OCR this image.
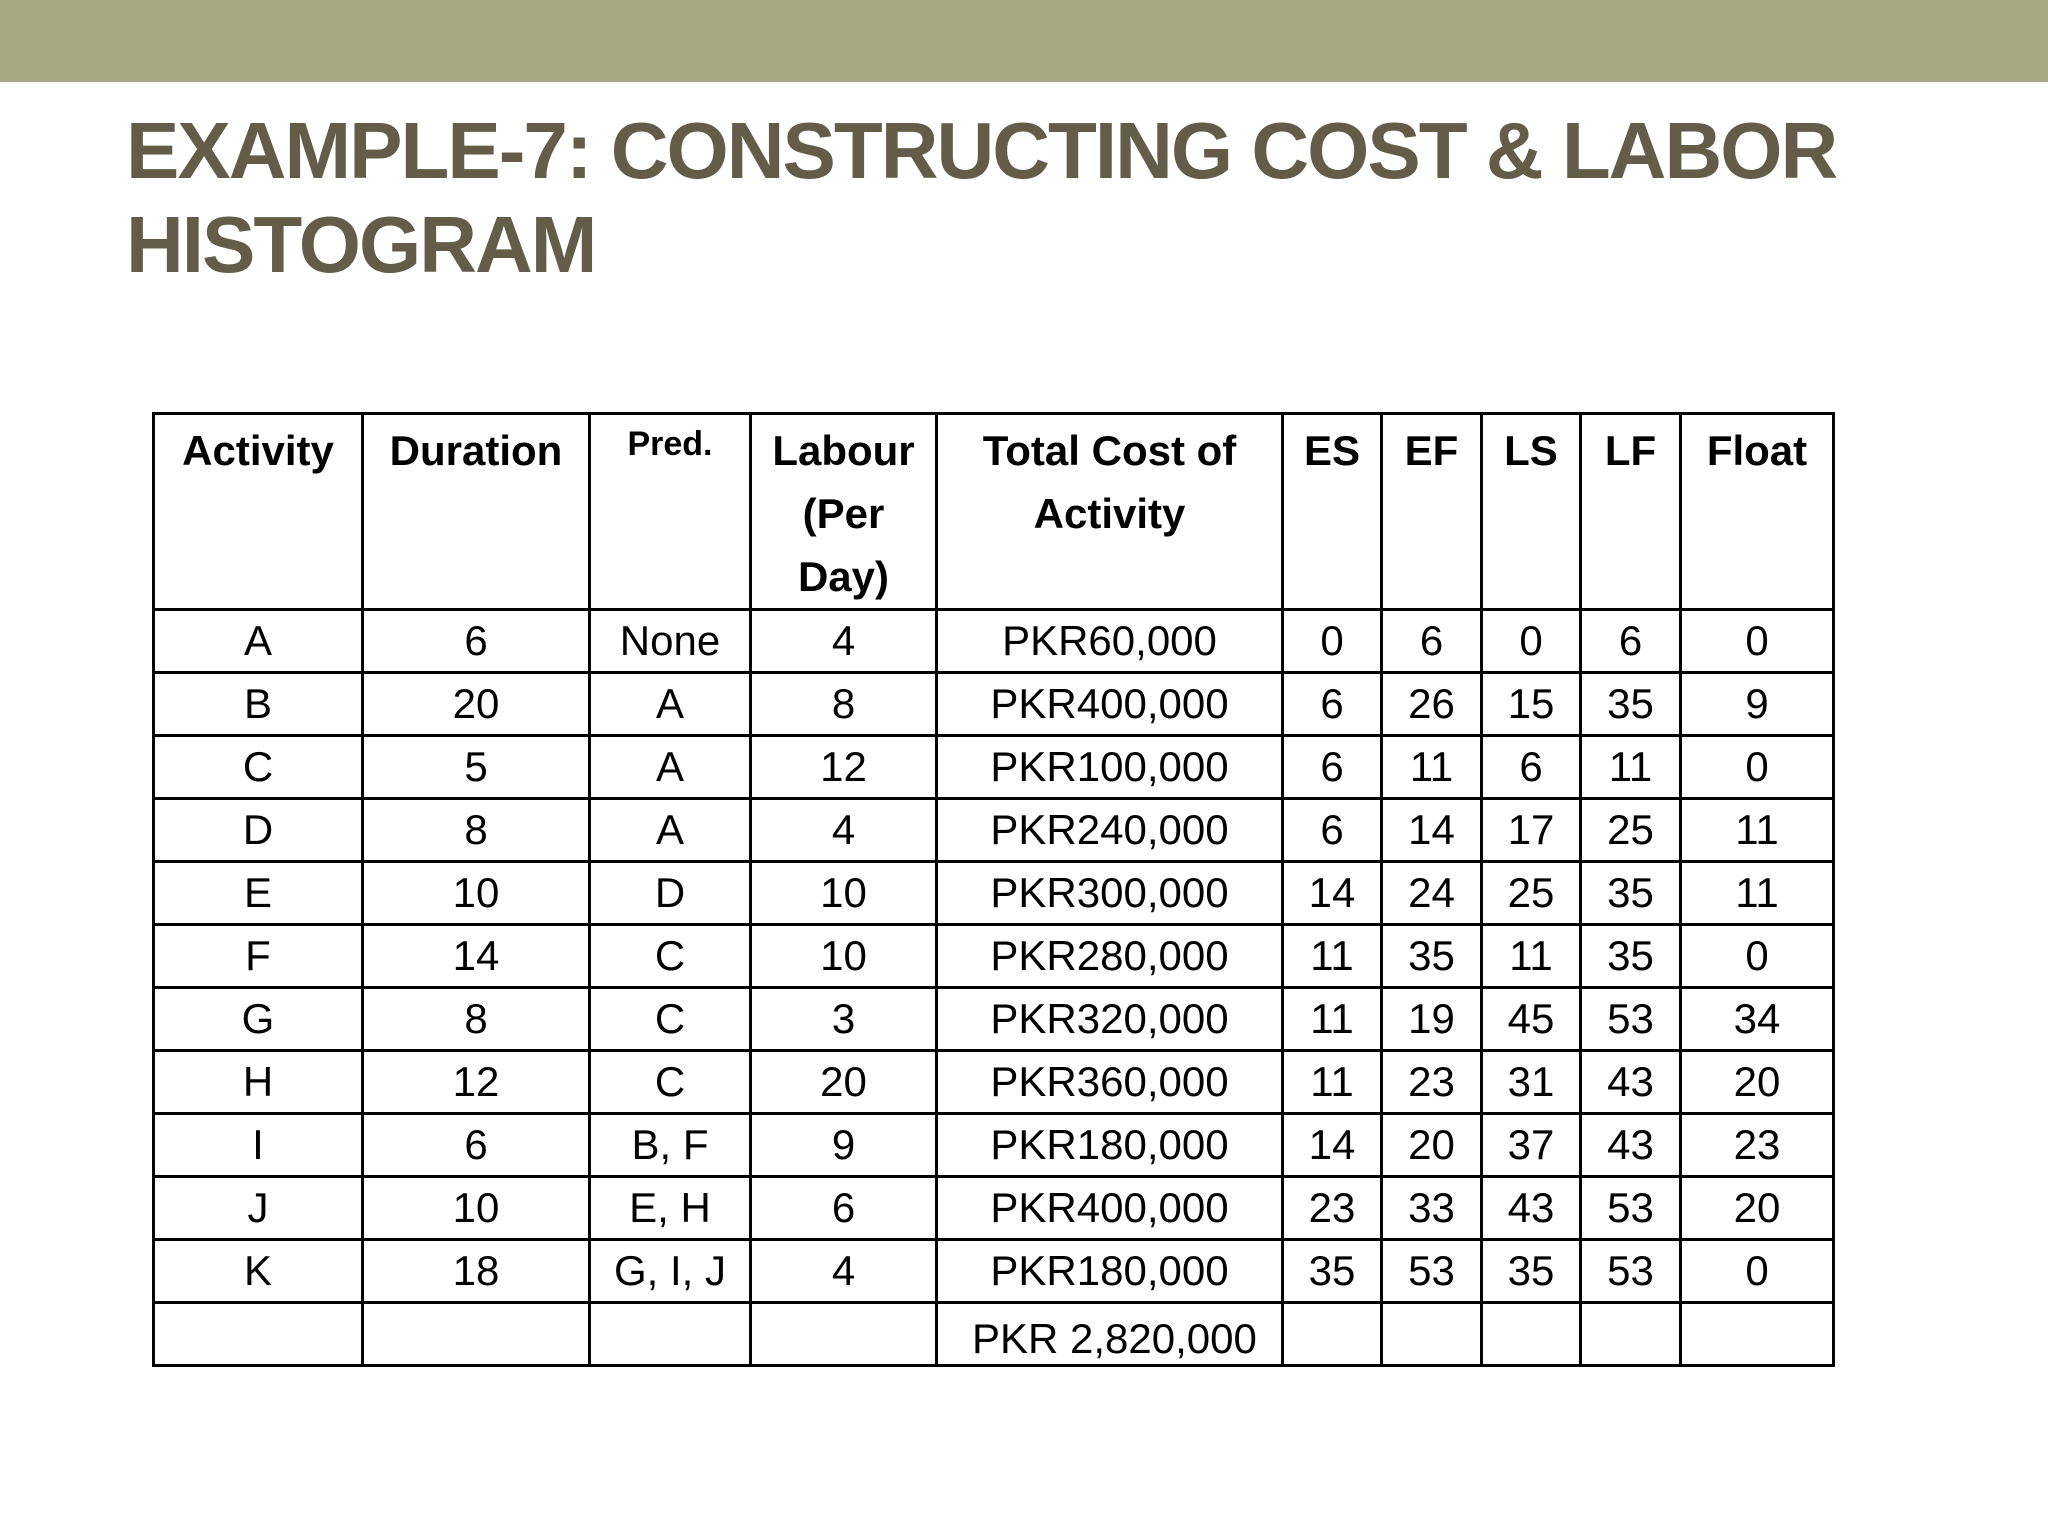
EXAMPLE-7: CONSTRUCTING COST & LABOR HISTOGRAM
Activity	Duration	Pred.	Labour (Per Day)	Total Cost of Activity	ES	EF	LS	LF	Float
A	6	None	4	PKR60,000	0	6	0	6	0
B	20	A	8	PKR400,000	6	26	15	35	9
C	5	A	12	PKR100,000	6	11	6	11	0
D	8	A	4	PKR240,000	6	14	17	25	11
E	10	D	10	PKR300,000	14	24	25	35	11
F	14	C	10	PKR280,000	11	35	11	35	0
G	8	C	3	PKR320,000	11	19	45	53	34
H	12	C	20	PKR360,000	11	23	31	43	20
I	6	B, F	9	PKR180,000	14	20	37	43	23
J	10	E, H	6	PKR400,000	23	33	43	53	20
K	18	G, I, J	4	PKR180,000	35	53	35	53	0
				PKR 2,820,000					
